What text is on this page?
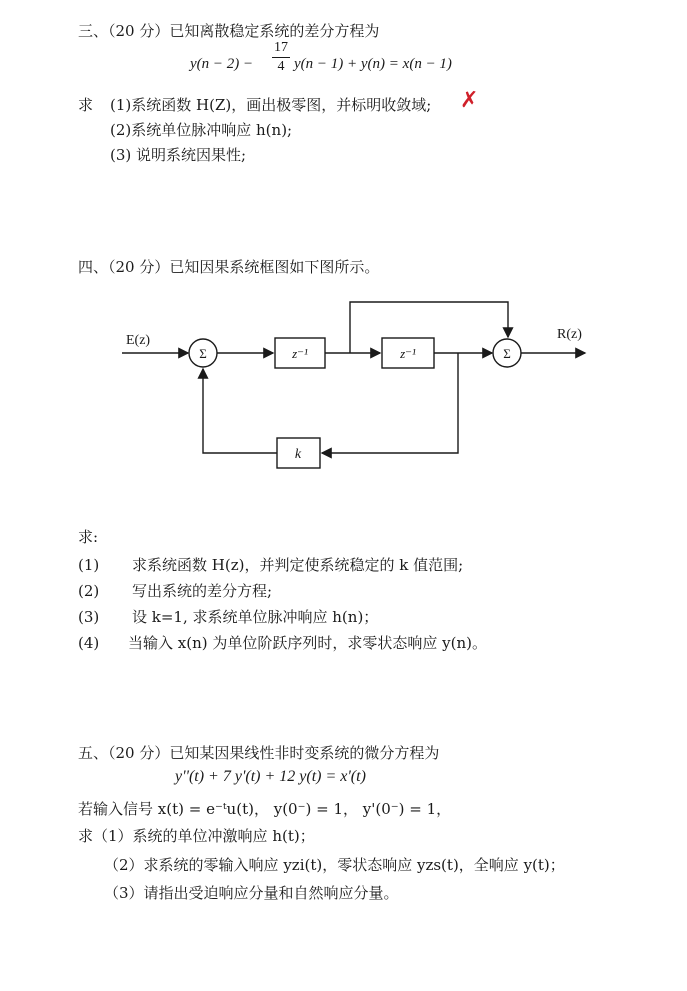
三、（20 分）已知离散稳定系统的差分方程为
y(n − 2) −
17
4 y(n − 1) + y(n) = x(n − 1)
求 (1)系统函数 H(Z)，画出极零图，并标明收敛域; ✗
(2)系统单位脉冲响应 h(n);
(3) 说明系统因果性;
四、（20 分）已知因果系统框图如下图所示。
E(z)	R(z)
Σ	Σ
z⁻¹	z⁻¹
k
求:
(1) 求系统函数 H(z)，并判定使系统稳定的 k 值范围;
(2) 写出系统的差分方程;
(3) 设 k=1, 求系统单位脉冲响应 h(n)；
(4) 当输入 x(n) 为单位阶跃序列时，求零状态响应 y(n)。
五、（20 分）已知某因果线性非时变系统的微分方程为
y''(t) + 7 y'(t) + 12 y(t) = x'(t)
若输入信号 x(t) = e⁻ᵗu(t)， y(0⁻) = 1， y'(0⁻) = 1，
求（1）系统的单位冲激响应 h(t)；
（2）求系统的零输入响应 yzi(t)，零状态响应 yzs(t)，全响应 y(t)；
（3）请指出受迫响应分量和自然响应分量。
